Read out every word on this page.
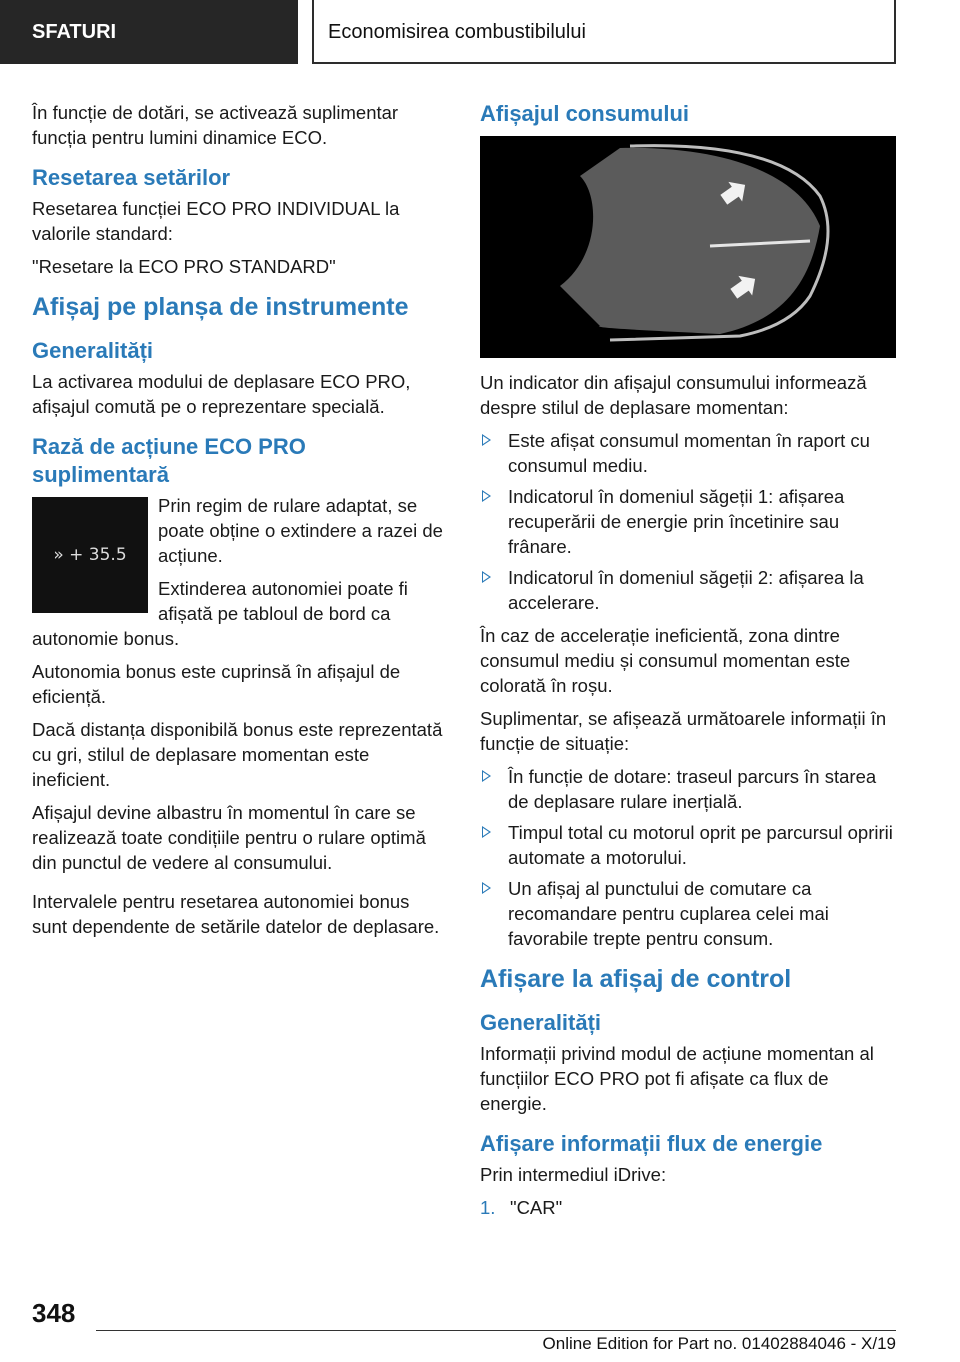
SFATURI	Economisirea combustibilului

În funcție de dotări, se activează suplimentar funcția pentru lumini dinamice ECO.

Resetarea setărilor

Resetarea funcției ECO PRO INDIVIDUAL la valorile standard:

"Resetare la ECO PRO STANDARD"

Afișaj pe planșa de instrumente
Generalități

La activarea modului de deplasare ECO PRO, afișajul comută pe o reprezentare specială.

Rază de acțiune ECO PRO suplimentară
» + 35.5

Prin regim de rulare adaptat, se poate obține o extindere a razei de acțiune.

Extinderea autonomiei poate fi afișată pe tabloul de bord ca autonomie bonus.

Autonomia bonus este cuprinsă în afișajul de eficiență.

Dacă distanța disponibilă bonus este reprezentată cu gri, stilul de deplasare momentan este ineficient.

Afișajul devine albastru în momentul în care se realizează toate condițiile pentru o rulare optimă din punctul de vedere al consumului.

Intervalele pentru resetarea autonomiei bonus sunt dependente de setările datelor de deplasare.

Afișajul consumului

Un indicator din afișajul consumului informează despre stilul de deplasare momentan:

Este afișat consumul momentan în raport cu consumul mediu.
Indicatorul în domeniul săgeții 1: afișarea recuperării de energie prin încetinire sau frânare.
Indicatorul în domeniul săgeții 2: afișarea la accelerare.

În caz de accelerație ineficientă, zona dintre consumul mediu și consumul momentan este colorată în roșu.

Suplimentar, se afișează următoarele informații în funcție de situație:

În funcție de dotare: traseul parcurs în starea de deplasare rulare inerțială.
Timpul total cu motorul oprit pe parcursul opririi automate a motorului.
Un afișaj al punctului de comutare ca recomandare pentru cuplarea celei mai favorabile trepte pentru consum.
Afișare la afișaj de control
Generalități

Informații privind modul de acțiune momentan al funcțiilor ECO PRO pot fi afișate ca flux de energie.

Afișare informații flux de energie

Prin intermediul iDrive:

1. "CAR"
348
Online Edition for Part no. 01402884046 - X/19
